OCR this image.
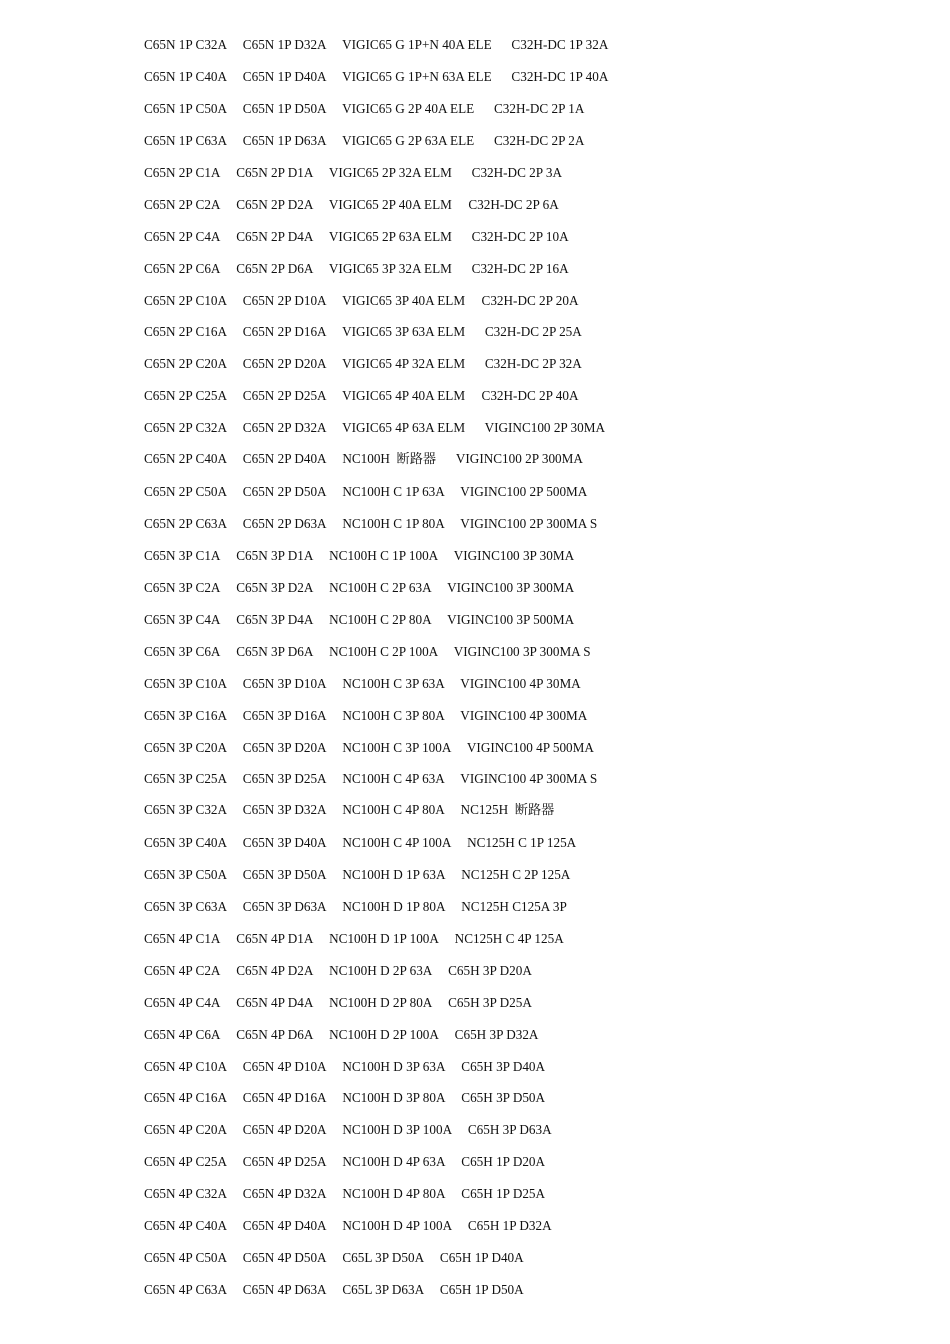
C65N 1P C32A     C65N 1P D32A     VIGIC65 G 1P+N 40A ELE      C32H-DC 1P 32A
C65N 1P C40A     C65N 1P D40A     VIGIC65 G 1P+N 63A ELE      C32H-DC 1P 40A
C65N 1P C50A     C65N 1P D50A     VIGIC65 G 2P 40A ELE      C32H-DC 2P 1A
C65N 1P C63A     C65N 1P D63A     VIGIC65 G 2P 63A ELE      C32H-DC 2P 2A
C65N 2P C1A     C65N 2P D1A     VIGIC65 2P 32A ELM      C32H-DC 2P 3A
C65N 2P C2A     C65N 2P D2A     VIGIC65 2P 40A ELM     C32H-DC 2P 6A
C65N 2P C4A     C65N 2P D4A     VIGIC65 2P 63A ELM      C32H-DC 2P 10A
C65N 2P C6A     C65N 2P D6A     VIGIC65 3P 32A ELM      C32H-DC 2P 16A
C65N 2P C10A     C65N 2P D10A     VIGIC65 3P 40A ELM     C32H-DC 2P 20A
C65N 2P C16A     C65N 2P D16A     VIGIC65 3P 63A ELM      C32H-DC 2P 25A
C65N 2P C20A     C65N 2P D20A     VIGIC65 4P 32A ELM      C32H-DC 2P 32A
C65N 2P C25A     C65N 2P D25A     VIGIC65 4P 40A ELM     C32H-DC 2P 40A
C65N 2P C32A     C65N 2P D32A     VIGIC65 4P 63A ELM      VIGINC100 2P 30MA
C65N 2P C40A     C65N 2P D40A     NC100H  断路器      VIGINC100 2P 300MA
C65N 2P C50A     C65N 2P D50A     NC100H C 1P 63A     VIGINC100 2P 500MA
C65N 2P C63A     C65N 2P D63A     NC100H C 1P 80A     VIGINC100 2P 300MA S
C65N 3P C1A     C65N 3P D1A     NC100H C 1P 100A     VIGINC100 3P 30MA
C65N 3P C2A     C65N 3P D2A     NC100H C 2P 63A     VIGINC100 3P 300MA
C65N 3P C4A     C65N 3P D4A     NC100H C 2P 80A     VIGINC100 3P 500MA
C65N 3P C6A     C65N 3P D6A     NC100H C 2P 100A     VIGINC100 3P 300MA S
C65N 3P C10A     C65N 3P D10A     NC100H C 3P 63A     VIGINC100 4P 30MA
C65N 3P C16A     C65N 3P D16A     NC100H C 3P 80A     VIGINC100 4P 300MA
C65N 3P C20A     C65N 3P D20A     NC100H C 3P 100A     VIGINC100 4P 500MA
C65N 3P C25A     C65N 3P D25A     NC100H C 4P 63A     VIGINC100 4P 300MA S
C65N 3P C32A     C65N 3P D32A     NC100H C 4P 80A     NC125H  断路器
C65N 3P C40A     C65N 3P D40A     NC100H C 4P 100A     NC125H C 1P 125A
C65N 3P C50A     C65N 3P D50A     NC100H D 1P 63A     NC125H C 2P 125A
C65N 3P C63A     C65N 3P D63A     NC100H D 1P 80A     NC125H C125A 3P
C65N 4P C1A     C65N 4P D1A     NC100H D 1P 100A     NC125H C 4P 125A
C65N 4P C2A     C65N 4P D2A     NC100H D 2P 63A     C65H 3P D20A
C65N 4P C4A     C65N 4P D4A     NC100H D 2P 80A     C65H 3P D25A
C65N 4P C6A     C65N 4P D6A     NC100H D 2P 100A     C65H 3P D32A
C65N 4P C10A     C65N 4P D10A     NC100H D 3P 63A     C65H 3P D40A
C65N 4P C16A     C65N 4P D16A     NC100H D 3P 80A     C65H 3P D50A
C65N 4P C20A     C65N 4P D20A     NC100H D 3P 100A     C65H 3P D63A
C65N 4P C25A     C65N 4P D25A     NC100H D 4P 63A     C65H 1P D20A
C65N 4P C32A     C65N 4P D32A     NC100H D 4P 80A     C65H 1P D25A
C65N 4P C40A     C65N 4P D40A     NC100H D 4P 100A     C65H 1P D32A
C65N 4P C50A     C65N 4P D50A     C65L 3P D50A     C65H 1P D40A
C65N 4P C63A     C65N 4P D63A     C65L 3P D63A     C65H 1P D50A
